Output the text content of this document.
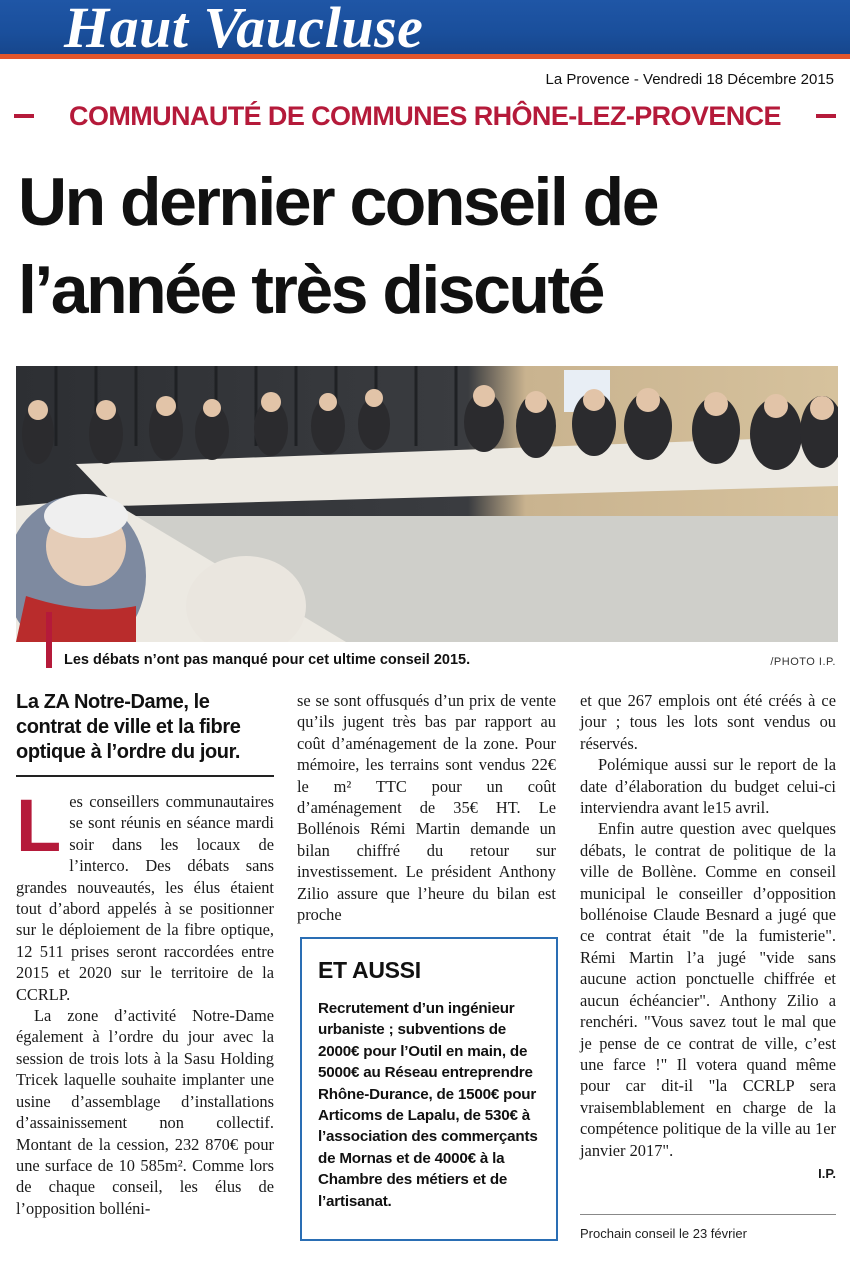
Haut Vaucluse
La Provence - Vendredi 18 Décembre 2015
COMMUNAUTÉ DE COMMUNES RHÔNE-LEZ-PROVENCE
Un dernier conseil de l’année très discuté
Les débats n’ont pas manqué pour cet ultime conseil 2015.	/PHOTO I.P.
La ZA Notre-Dame, le contrat de ville et la fibre optique à l’ordre du jour.

Les conseillers communautaires se sont réunis en séance mardi soir dans les locaux de l’interco. Des débats sans grandes nouveautés, les élus étaient tout d’abord appelés à se positionner sur le déploiement de la fibre optique, 12 511 prises seront raccordées entre 2015 et 2020 sur le territoire de la CCRLP.

La zone d’activité Notre-Dame également à l’ordre du jour avec la session de trois lots à la Sasu Holding Tricek laquelle souhaite implanter une usine d’assemblage d’installations d’assainissement non collectif. Montant de la cession, 232 870€ pour une surface de 10 585m². Comme lors de chaque conseil, les élus de l’opposition bolléni-

se se sont offusqués d’un prix de vente qu’ils jugent très bas par rapport au coût d’aménagement de la zone. Pour mémoire, les terrains sont vendus 22€ le m² TTC pour un coût d’aménagement de 35€ HT. Le Bollénois Rémi Martin demande un bilan chiffré du retour sur investissement. Le président Anthony Zilio assure que l’heure du bilan est proche

ET AUSSI
Recrutement d’un ingénieur urbaniste ; subventions de 2000€ pour l’Outil en main, de 5000€ au Réseau entreprendre Rhône-Durance, de 1500€ pour Articoms de Lapalu, de 530€ à l’association des commerçants de Mornas et de 4000€ à la Chambre des métiers et de l’artisanat.

et que 267 emplois ont été créés à ce jour ; tous les lots sont vendus ou réservés.

Polémique aussi sur le report de la date d’élaboration du budget celui-ci interviendra avant le15 avril.

Enfin autre question avec quelques débats, le contrat de politique de la ville de Bollène. Comme en conseil municipal le conseiller d’opposition bollénoise Claude Besnard a jugé que ce contrat était "de la fumisterie". Rémi Martin l’a jugé "vide sans aucune action ponctuelle chiffrée et aucun échéancier". Anthony Zilio a renchéri. "Vous savez tout le mal que je pense de ce contrat de ville, c’est une farce !" Il votera quand même pour car dit-il "la CCRLP sera vraisemblablement en charge de la compétence politique de la ville au 1er janvier 2017".

I.P.
Prochain conseil le 23 février
